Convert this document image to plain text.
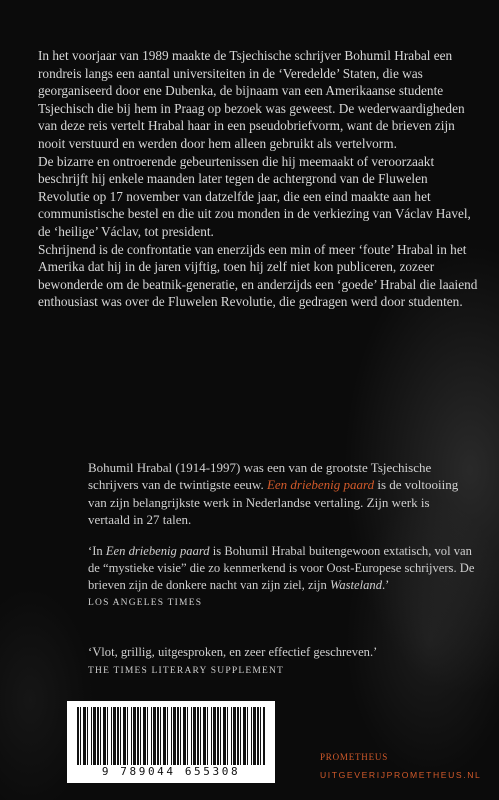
In het voorjaar van 1989 maakte de Tsjechische schrijver Bohumil Hrabal een rondreis langs een aantal universiteiten in de ‘Veredelde’ Staten, die was georganiseerd door ene Dubenka, de bijnaam van een Amerikaanse studente Tsjechisch die bij hem in Praag op bezoek was geweest. De wederwaardigheden van deze reis vertelt Hrabal haar in een pseudobriefvorm, want de brieven zijn nooit verstuurd en werden door hem alleen gebruikt als vertelvorm.

De bizarre en ontroerende gebeurtenissen die hij meemaakt of veroorzaakt beschrijft hij enkele maanden later tegen de achtergrond van de Fluwelen Revolutie op 17 november van datzelfde jaar, die een eind maakte aan het communistische bestel en die uit zou monden in de verkiezing van Václav Havel, de ‘heilige’ Václav, tot president.

Schrijnend is de confrontatie van enerzijds een min of meer ‘foute’ Hrabal in het Amerika dat hij in de jaren vijftig, toen hij zelf niet kon publiceren, zozeer bewonderde om de beatnik-generatie, en anderzijds een ‘goede’ Hrabal die laaiend enthousiast was over de Fluwelen Revolutie, die gedragen werd door studenten.

Bohumil Hrabal (1914-1997) was een van de grootste Tsjechische schrijvers van de twintigste eeuw. Een driebenig paard is de voltooiing van zijn belangrijkste werk in Nederlandse vertaling. Zijn werk is vertaald in 27 talen.

‘In Een driebenig paard is Bohumil Hrabal buitengewoon extatisch, vol van de “mystieke visie” die zo kenmerkend is voor Oost-Europese schrijvers. De brieven zijn de donkere nacht van zijn ziel, zijn Wasteland.’

LOS ANGELES TIMES

‘Vlot, grillig, uitgesproken, en zeer effectief geschreven.’

THE TIMES LITERARY SUPPLEMENT
9 789044 655308
PROMETHEUS
UITGEVERIJPROMETHEUS.NL
